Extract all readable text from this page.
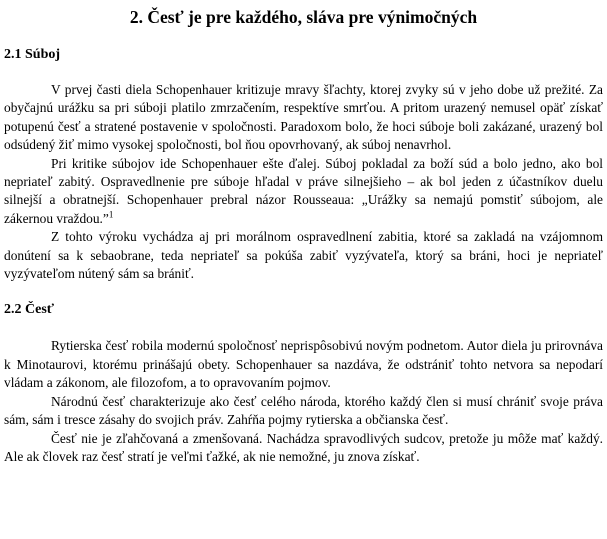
2. Česť je pre každého, sláva pre výnimočných
2.1 Súboj

V prvej časti diela Schopenhauer kritizuje mravy šľachty, ktorej zvyky sú v jeho dobe už prežité. Za obyčajnú urážku sa pri súboji platilo zmrzačením, respektíve smrťou. A pritom urazený nemusel opäť získať potupenú česť a stratené postavenie v spoločnosti. Paradoxom bolo, že hoci súboje boli zakázané, urazený bol odsúdený žiť mimo vysokej spoločnosti, bol ňou opovrhovaný, ak súboj nenavrhol.

Pri kritike súbojov ide Schopenhauer ešte ďalej. Súboj pokladal za boží súd a bolo jedno, ako bol nepriateľ zabitý. Ospravedlnenie pre súboje hľadal v práve silnejšieho – ak bol jeden z účastníkov duelu silnejší a obratnejší. Schopenhauer prebral názor Rousseaua: „Urážky sa nemajú pomstiť súbojom, ale zákernou vraždou.”$^1$

Z tohto výroku vychádza aj pri morálnom ospravedlnení zabitia, ktoré sa zakladá na vzájomnom donútení sa k sebaobrane, teda nepriateľ sa pokúša zabiť vyzývateľa, ktorý sa bráni, hoci je nepriateľ vyzývateľom nútený sám sa brániť.

2.2 Česť

Rytierska česť robila modernú spoločnosť neprispôsobivú novým podnetom. Autor diela ju prirovnáva k Minotaurovi, ktorému prinášajú obety. Schopenhauer sa nazdáva, že odstrániť tohto netvora sa nepodarí vládam a zákonom, ale filozofom, a to opravovaním pojmov.

Národnú česť charakterizuje ako česť celého národa, ktorého každý člen si musí chrániť svoje práva sám, sám i tresce zásahy do svojich práv. Zahŕňa pojmy rytierska a občianska česť.

Česť nie je zľahčovaná a zmenšovaná. Nachádza spravodlivých sudcov, pretože ju môže mať každý. Ale ak človek raz česť stratí je veľmi ťažké, ak nie nemožné, ju znova získať.
